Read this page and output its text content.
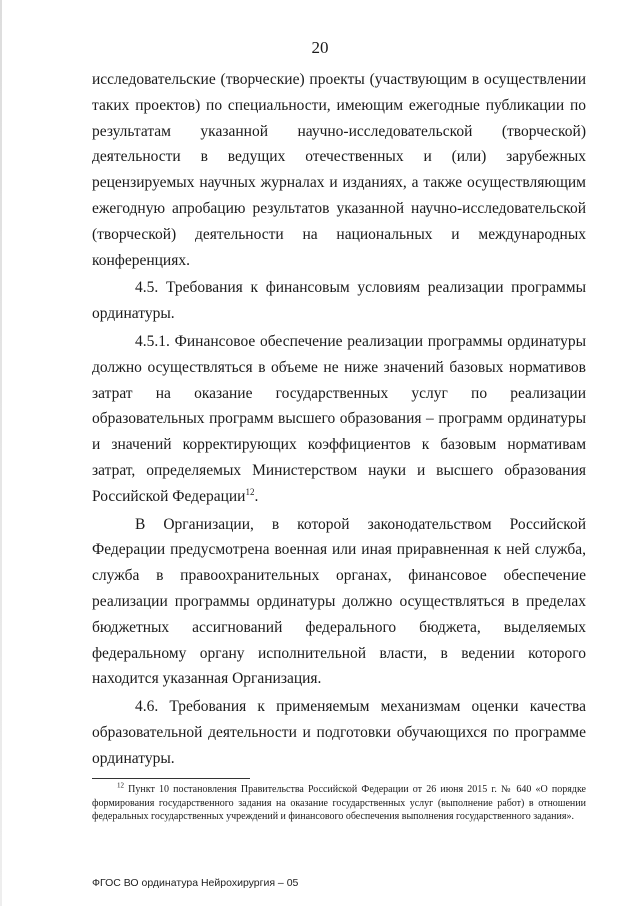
20

исследовательские (творческие) проекты (участвующим в осуществлении таких проектов) по специальности, имеющим ежегодные публикации по результатам указанной научно-исследовательской (творческой) деятельности в ведущих отечественных и (или) зарубежных рецензируемых научных журналах и изданиях, а также осуществляющим ежегодную апробацию результатов указанной научно-исследовательской (творческой) деятельности на национальных и международных конференциях.

4.5. Требования к финансовым условиям реализации программы ординатуры.

4.5.1. Финансовое обеспечение реализации программы ординатуры должно осуществляться в объеме не ниже значений базовых нормативов затрат на оказание государственных услуг по реализации образовательных программ высшего образования – программ ординатуры и значений корректирующих коэффициентов к базовым нормативам затрат, определяемых Министерством науки и высшего образования Российской Федерации$^{12}$.

В Организации, в которой законодательством Российской Федерации предусмотрена военная или иная приравненная к ней служба, служба в правоохранительных органах, финансовое обеспечение реализации программы ординатуры должно осуществляться в пределах бюджетных ассигнований федерального бюджета, выделяемых федеральному органу исполнительной власти, в ведении которого находится указанная Организация.

4.6. Требования к применяемым механизмам оценки качества образовательной деятельности и подготовки обучающихся по программе ординатуры.

$^{12}$ Пункт 10 постановления Правительства Российской Федерации от 26 июня 2015 г. № 640 «О порядке формирования государственного задания на оказание государственных услуг (выполнение работ) в отношении федеральных государственных учреждений и финансового обеспечения выполнения государственного задания».

ФГОС ВО ординатура Нейрохирургия – 05
